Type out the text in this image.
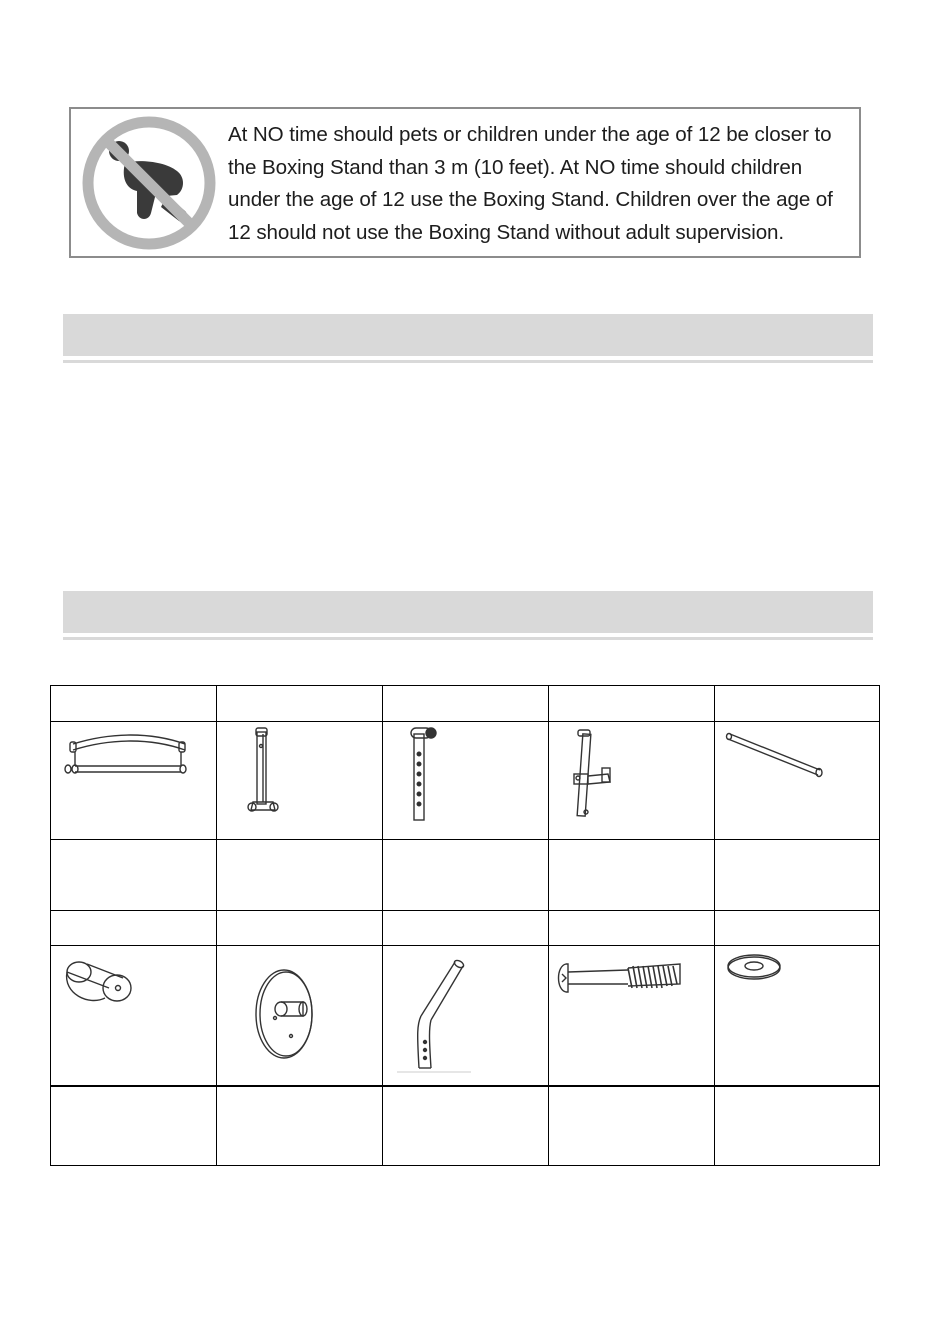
At NO time should pets or children under the age of 12 be closer to the Boxing Stand than 3 m (10 feet). At NO time should children under the age of 12 use the Boxing Stand. Children over the age of 12 should not use the Boxing Stand without adult supervision.
